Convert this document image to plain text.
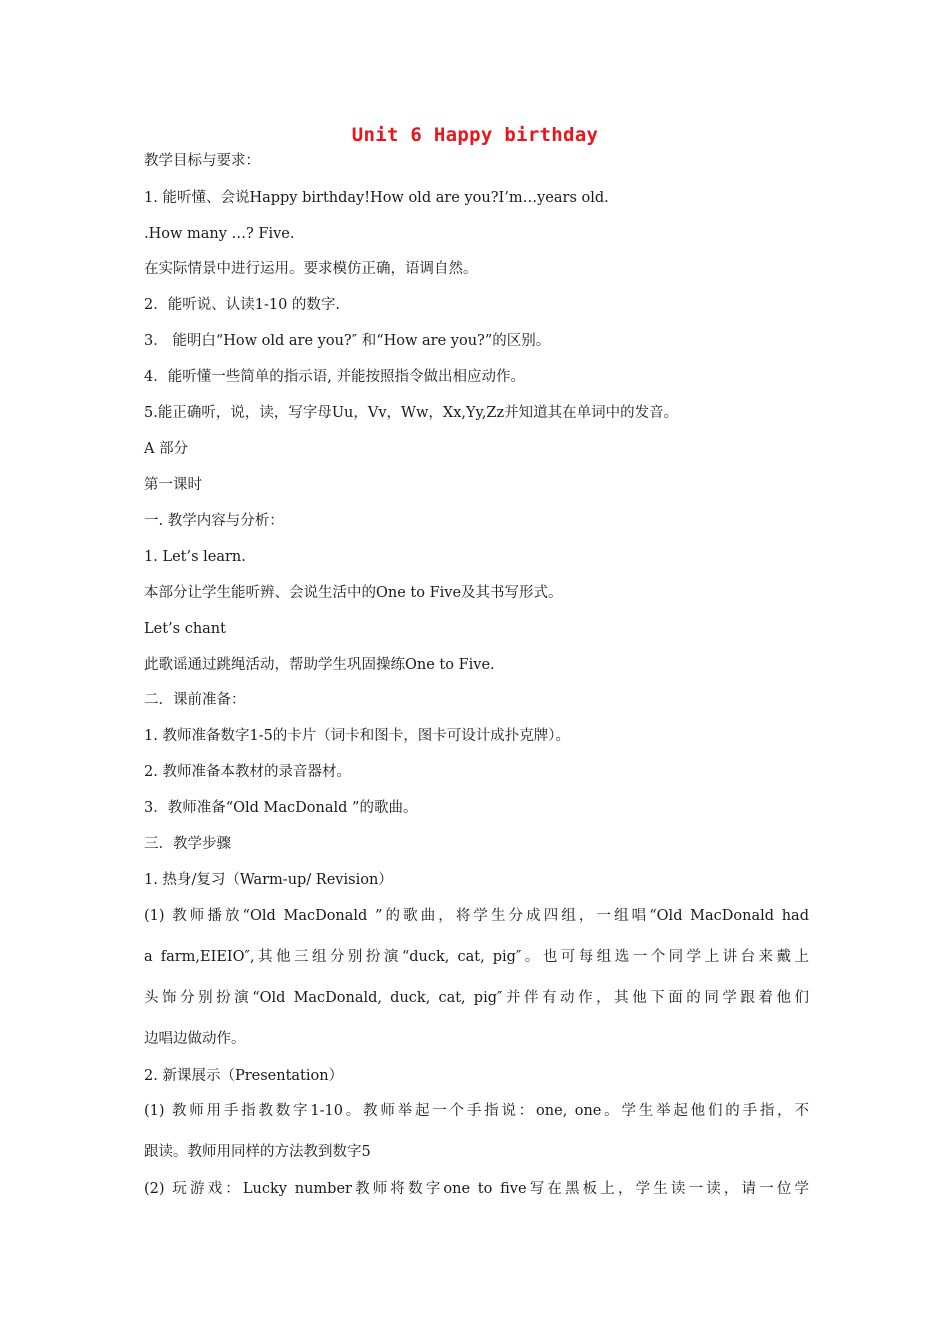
Unit 6 Happy birthday
教学目标与要求：
1. 能听懂、会说Happy birthday!How old are you?I’m…years old.
.How many …? Five.
在实际情景中进行运用。要求模仿正确，语调自然。
2．能听说、认读1-10 的数字.
3． 能明白“How old are you?″ 和“How are you?”的区别。
4．能听懂一些简单的指示语, 并能按照指令做出相应动作。
5.能正确听，说，读，写字母Uu，Vv，Ww，Xx,Yy,Zz并知道其在单词中的发音。
A 部分
第一课时
一. 教学内容与分析：
1. Let’s learn.
本部分让学生能听辨、会说生活中的One to Five及其书写形式。
Let’s chant
此歌谣通过跳绳活动，帮助学生巩固操练One to Five.
二．课前准备：
1. 教师准备数字1-5的卡片（词卡和图卡，图卡可设计成扑克牌）。
2. 教师准备本教材的录音器材。
3．教师准备“Old MacDonald ”的歌曲。
三．教学步骤
1. 热身/复习（Warm-up/ Revision）
(1) 教师播放“Old MacDonald ”的歌曲，将学生分成四组，一组唱“Old MacDonald had
a farm,EIEIO″,其他三组分别扮演“duck, cat, pig″。也可每组选一个同学上讲台来戴上
头饰分别扮演“Old MacDonald, duck, cat, pig″并伴有动作，其他下面的同学跟着他们
边唱边做动作。
2. 新课展示（Presentation）
(1) 教师用手指教数字1-10。教师举起一个手指说：one, one。学生举起他们的手指，不
跟读。教师用同样的方法教到数字5
(2) 玩游戏：Lucky number教师将数字one to five写在黑板上，学生读一读，请一位学
